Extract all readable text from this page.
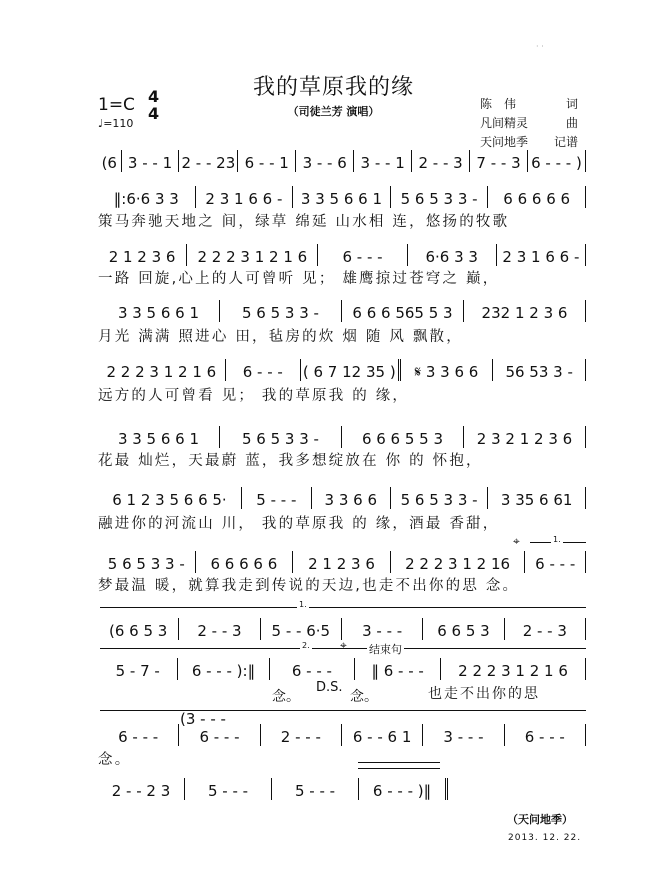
我的草原我的缘
（司徒兰芳 演唱）
1=C
♩=110
4
4
· ·
陈　伟	词
凡间精灵	曲
天问地季 记谱
(6 3 - - 1 2 - - 23 6 - - 1 3 - - 6 3 - - 1 2 - - 3 7 - - 3 6 - - - )
‖:6·6 3 3	2 3 1 6 6 -	3 3 5 6 6 1	5 6 5 3 3 -	6 6 6 6 6
策马奔驰天地之 间，绿草 绵延 山水相 连，悠扬的牧歌
2 1 2 3 6	2 2 2 3 1 2 1 6	6 - - -	6·6 3 3	2 3 1 6 6 -
一路 回旋,心上的人可曾听 见； 雄鹰掠过苍穹之 巅，
3 3 5 6 6 1	5 6 5 3 3 -	6 6 6 565 5 3	232 1 2 3 6
月光 满满 照进心 田，毡房的炊 烟 随 风 飘散，
2 2 2 3 1 2 1 6	6 - - -	( 6 7 12 35 )	𝄋 3 3 6 6	56 53 3 -
远方的人可曾看 见； 我的草原我 的 缘，
3 3 5 6 6 1	5 6 5 3 3 -	6 6 6 5 5 3	2 3 2 1 2 3 6
花最 灿烂，天最蔚 蓝，我多想绽放在 你 的 怀抱，
6 1 2 3 5 6 6 5·	5 - - -	3 3 6 6	5 6 5 3 3 -	3 35 6 61
融进你的河流山 川， 我的草原我 的 缘，酒最 香甜，
⌖	1.
5 6 5 3 3 -	6 6 6 6 6	2 1 2 3 6	2 2 2 3 1 2 16	6 - - -
梦最温 暖，就算我走到传说的天边,也走不出你的思 念。
1.
(6 6 5 3	2 - - 3	5 - - 6·5	3 - - -	6 6 5 3	2 - - 3
2.	⌖ 结束句
5 - 7 -	6 - - - ):‖	6 - - -	‖ 6 - - -	2 2 2 3 1 2 1 6
念。
D.S.
念。	也走不出你的思
(3 - - -
6 - - -	6 - - -	2 - - -	6 - - 6 1	3 - - -	6 - - -
念。
2 - - 2 3	5 - - -	5 - - -	6 - - - )‖
（天问地季）
2013. 12. 22.
